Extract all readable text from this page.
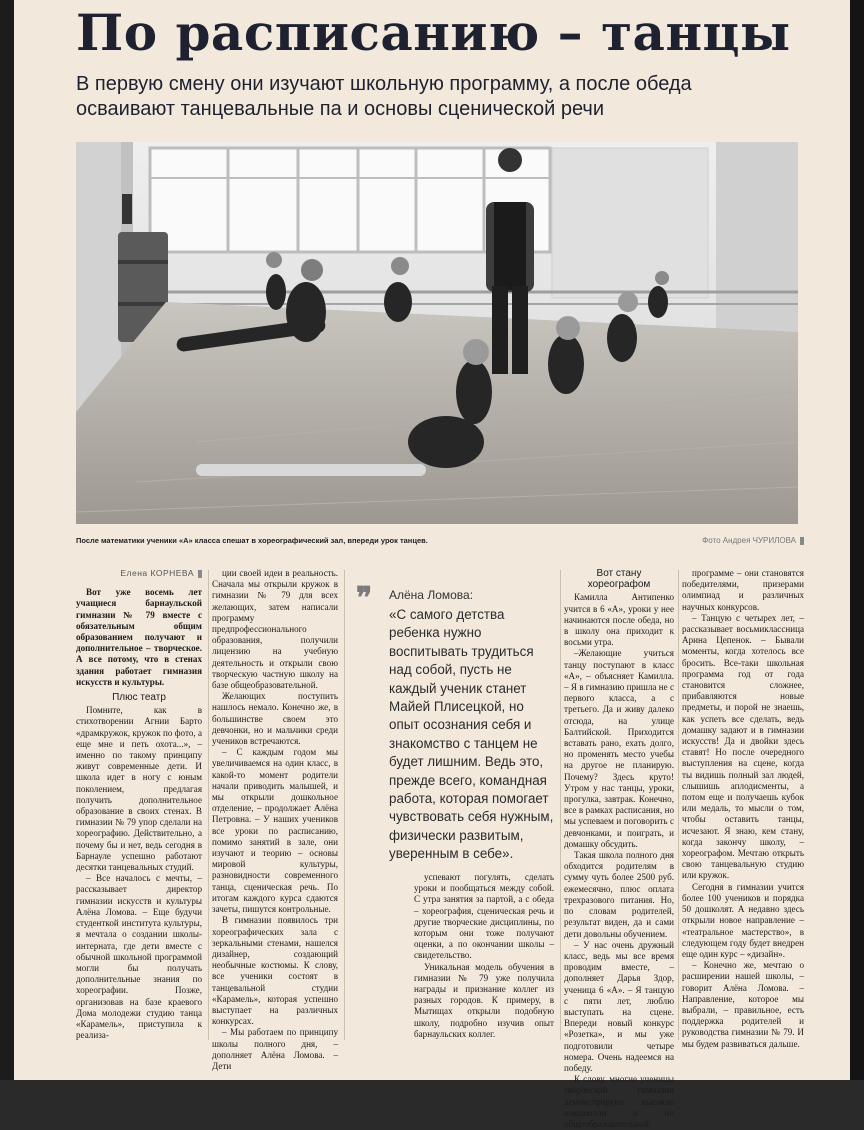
По расписанию – танцы
В первую смену они изучают школьную программу, а после обеда осваивают танцевальные па и основы сценической речи
После математики ученики «А» класса спешат в хореографический зал, впереди урок танцев.	Фото Андрея ЧУРИЛОВА
Елена КОРНЕВА

Вот уже восемь лет учащиеся барнаульской гимназии № 79 вместе с обязательным общим образованием получают и дополнительное – творческое. А все потому, что в стенах здания работает гимназия искусств и культуры.

Плюс театр

Помните, как в стихотворении Агнии Барто «драмкружок, кружок по фото, а еще мне и петь охота...», – именно по такому принципу живут современные дети. И школа идет в ногу с юным поколением, предлагая получить дополнительное образование в своих стенах. В гимназии № 79 упор сделали на хореографию. Действительно, а почему бы и нет, ведь сегодня в Барнауле успешно работают десятки танцевальных студий.

– Все началось с мечты, – рассказывает директор гимназии искусств и культуры Алёна Ломова. – Еще будучи студенткой института культуры, я мечтала о создании школы-интерната, где дети вместе с обычной школьной программой могли бы получать дополнительные знания по хореографии. Позже, организовав на базе краевого Дома молодежи студию танца «Карамель», приступила к реализа-

ции своей идеи в реальность. Сначала мы открыли кружок в гимназии № 79 для всех желающих, затем написали программу предпрофессионального образования, получили лицензию на учебную деятельность и открыли свою творческую частную школу на базе общеобразовательной.

Желающих поступить нашлось немало. Конечно же, в большинстве своем это девчонки, но и мальчики среди учеников встречаются.

– С каждым годом мы увеличиваемся на один класс, в какой-то момент родители начали приводить малышей, и мы открыли дошкольное отделение, – продолжает Алёна Петровна. – У наших учеников все уроки по расписанию, помимо занятий в зале, они изучают и теорию – основы мировой культуры, разновидности современного танца, сценическая речь. По итогам каждого курса сдаются зачеты, пишутся контрольные.

В гимназии появилось три хореографических зала с зеркальными стенами, нашелся дизайнер, создающий необычные костюмы. К слову, все ученики состоят в танцевальной студии «Карамель», которая успешно выступает на различных конкурсах.

– Мы работаем по принципу школы полного дня, – дополняет Алёна Ломова. – Дети

❞ Алёна Ломова:
«С самого детства ребенка нужно воспитывать трудиться над собой, пусть не каждый ученик станет Майей Плисецкой, но опыт осознания себя и знакомство с танцем не будет лишним. Ведь это, прежде всего, командная работа, которая помогает чувствовать себя нужным, физически развитым, уверенным в себе».

успевают погулять, сделать уроки и пообщаться между собой. С утра занятия за партой, а с обеда – хореография, сценическая речь и другие творческие дисциплины, по которым они тоже получают оценки, а по окончании школы – свидетельство.

Уникальная модель обучения в гимназии № 79 уже получила награды и признание коллег из разных городов. К примеру, в Мытищах открыли подобную школу, подробно изучив опыт барнаульских коллег.

Вот стану хореографом

Камилла Антипенко учится в 6 «А», уроки у нее начинаются после обеда, но в школу она приходит к восьми утра.

–Желающие учиться танцу поступают в класс «А», – объясняет Камилла. – Я в гимназию пришла не с первого класса, а с третьего. Да и живу далеко отсюда, на улице Балтийской. Приходится вставать рано, ехать долго, но променять место учебы на другое не планирую. Почему? Здесь круто! Утром у нас танцы, уроки, прогулка, завтрак. Конечно, все в рамках расписания, но мы успеваем и поговорить с девчонками, и поиграть, и домашку обсудить.

Такая школа полного дня обходится родителям в сумму чуть более 2500 руб. ежемесячно, плюс оплата трехразового питания. Но, по словам родителей, результат виден, да и сами дети довольны обучением.

– У нас очень дружный класс, ведь мы все время проводим вместе, – дополняет Дарья Здор, ученица 6 «А». – Я танцую с пяти лет, люблю выступать на сцене. Впереди новый конкурс «Розетка», и мы уже подготовили четыре номера. Очень надеемся на победу.

К слову, многие ученицы творческой гимназии демонстрируют высокие показатели и по общеобразовательной

программе – они становятся победителями, призерами олимпиад и различных научных конкурсов.

– Танцую с четырех лет, – рассказывает восьмиклассница Арина Цепенок. – Бывали моменты, когда хотелось все бросить. Все-таки школьная программа год от года становится сложнее, прибавляются новые предметы, и порой не знаешь, как успеть все сделать, ведь домашку задают и в гимназии искусств! Да и двойки здесь ставят! Но после очередного выступления на сцене, когда ты видишь полный зал людей, слышишь аплодисменты, а потом еще и получаешь кубок или медаль, то мысли о том, чтобы оставить танцы, исчезают. Я знаю, кем стану, когда закончу школу, – хореографом. Мечтаю открыть свою танцевальную студию или кружок.

Сегодня в гимназии учится более 100 учеников и порядка 50 дошколят. А недавно здесь открыли новое направление – «театральное мастерство», в следующем году будет внедрен еще один курс – «дизайн».

– Конечно же, мечтаю о расширении нашей школы, – говорит Алёна Ломова. – Направление, которое мы выбрали, – правильное, есть поддержка родителей и руководства гимназии № 79. И мы будем развиваться дальше.
